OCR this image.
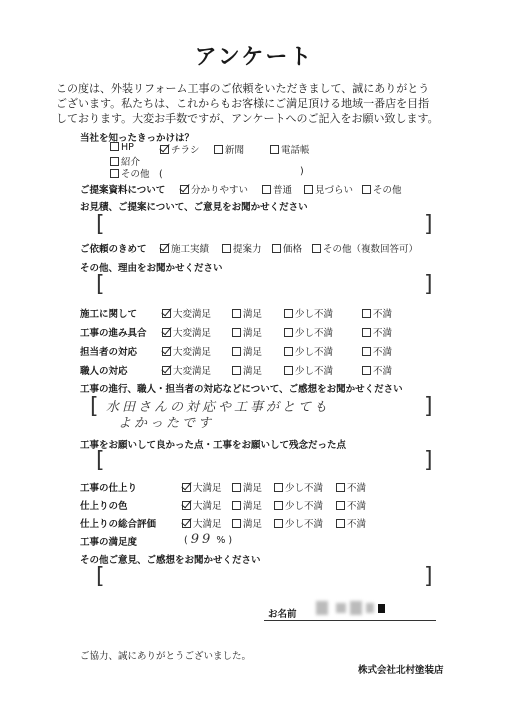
アンケート
この度は、外装リフォーム工事のご依頼をいただきまして、誠にありがとう
ございます。私たちは、これからもお客様にご満足頂ける地域一番店を目指
しております。大変お手数ですが、アンケートへのご記入をお願い致します。
当社を知ったきっかけは？
HP	チラシ	新聞	電話帳
紹介
その他　(	)
ご提案資料について	分かりやすい	普通	見づらい	その他
お見積、ご提案について、ご意見をお聞かせください
[	]
ご依頼のきめて	施工実績	提案力	価格	その他（複数回答可）
その他、理由をお聞かせください
[	]
施工に関して	大変満足	満足	少し不満	不満
工事の進み具合	大変満足	満足	少し不満	不満
担当者の対応	大変満足	満足	少し不満	不満
職人の対応	大変満足	満足	少し不満	不満
工事の進行、職人・担当者の対応などについて、ご感想をお聞かせください
[	]
水田さんの対応や工事がとても
よかったです
工事をお願いして良かった点・工事をお願いして残念だった点
[	]
工事の仕上り	大満足	満足	少し不満	不満
仕上りの色	大満足	満足	少し不満	不満
仕上りの総合評価	大満足	満足	少し不満	不満
工事の満足度	( 99 % )
その他ご意見、ご感想をお聞かせください
[	]
お名前
ご協力、誠にありがとうございました。
株式会社北村塗装店
